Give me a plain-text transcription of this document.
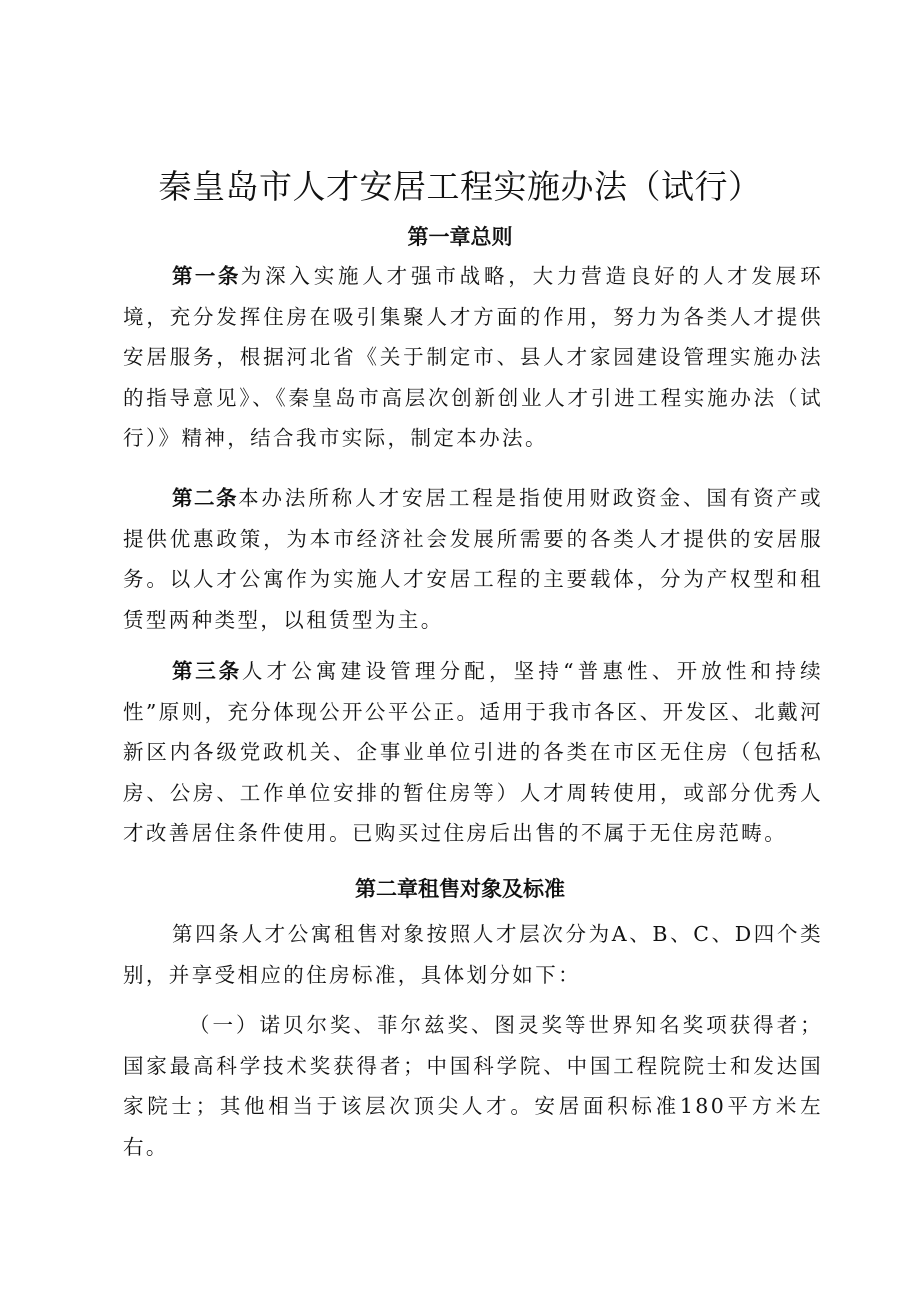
秦皇岛市人才安居工程实施办法（试行）
第一章总则

第一条为深入实施人才强市战略，大力营造良好的人才发展环境，充分发挥住房在吸引集聚人才方面的作用，努力为各类人才提供安居服务，根据河北省《关于制定市、县人才家园建设管理实施办法的指导意见》、《秦皇岛市高层次创新创业人才引进工程实施办法（试行）》精神，结合我市实际，制定本办法。

第二条本办法所称人才安居工程是指使用财政资金、国有资产或提供优惠政策，为本市经济社会发展所需要的各类人才提供的安居服务。以人才公寓作为实施人才安居工程的主要载体，分为产权型和租赁型两种类型，以租赁型为主。

第三条人才公寓建设管理分配，坚持“普惠性、开放性和持续性”原则，充分体现公开公平公正。适用于我市各区、开发区、北戴河新区内各级党政机关、企事业单位引进的各类在市区无住房（包括私房、公房、工作单位安排的暂住房等）人才周转使用，或部分优秀人才改善居住条件使用。已购买过住房后出售的不属于无住房范畴。

第二章租售对象及标准

第四条人才公寓租售对象按照人才层次分为A、B、C、D四个类别，并享受相应的住房标准，具体划分如下：

（一）诺贝尔奖、菲尔兹奖、图灵奖等世界知名奖项获得者；国家最高科学技术奖获得者；中国科学院、中国工程院院士和发达国家院士；其他相当于该层次顶尖人才。安居面积标准180平方米左右。
